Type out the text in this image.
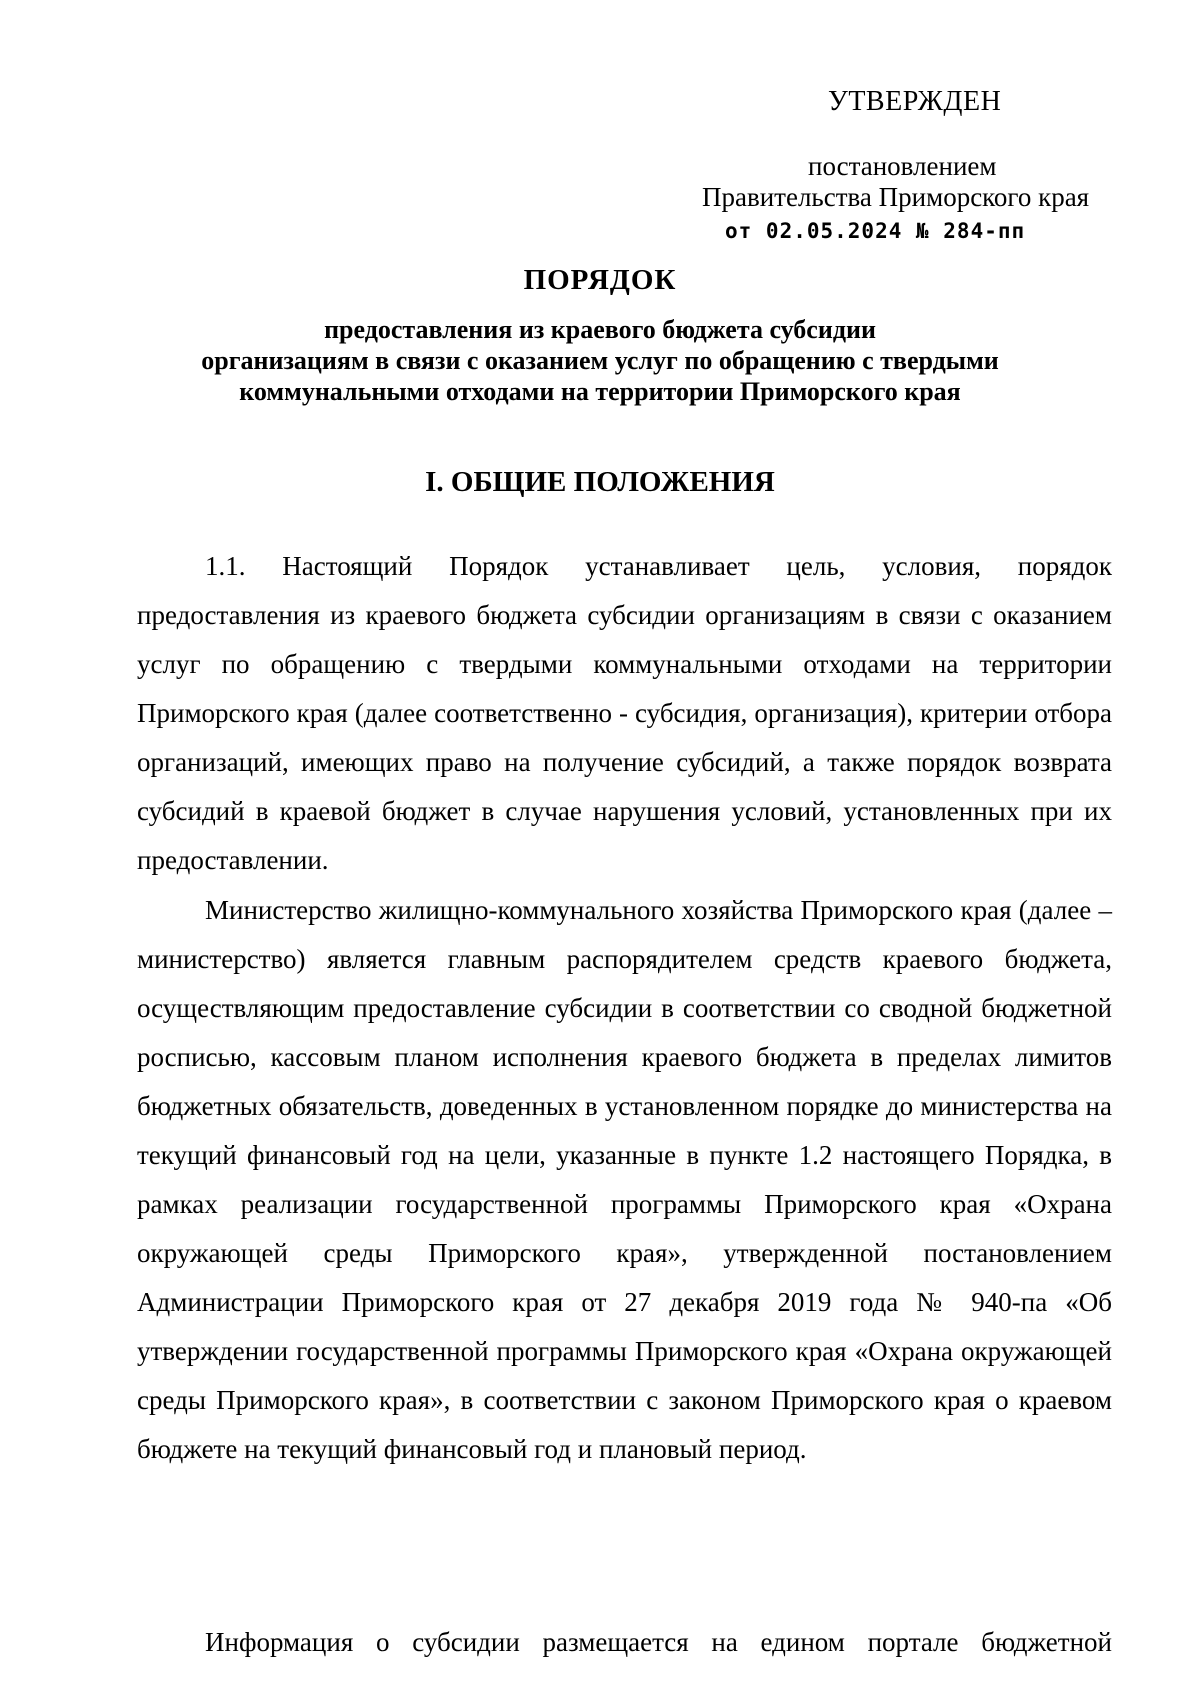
УТВЕРЖДЕН
постановлением
Правительства Приморского края
от 02.05.2024 № 284-пп
ПОРЯДОК
предоставления из краевого бюджета субсидии
организациям в связи с оказанием услуг по обращению с твердыми
коммунальными отходами на территории Приморского края
I. ОБЩИЕ ПОЛОЖЕНИЯ

1.1. Настоящий Порядок устанавливает цель, условия, порядок предоставления из краевого бюджета субсидии организациям в связи с оказанием услуг по обращению с твердыми коммунальными отходами на территории Приморского края (далее соответственно - субсидия, организация), критерии отбора организаций, имеющих право на получение субсидий, а также порядок возврата субсидий в краевой бюджет в случае нарушения условий, установленных при их предоставлении.

Министерство жилищно-коммунального хозяйства Приморского края (далее – министерство) является главным распорядителем средств краевого бюджета, осуществляющим предоставление субсидии в соответствии со сводной бюджетной росписью, кассовым планом исполнения краевого бюджета в пределах лимитов бюджетных обязательств, доведенных в установленном порядке до министерства на текущий финансовый год на цели, указанные в пункте 1.2 настоящего Порядка, в рамках реализации государственной программы Приморского края «Охрана окружающей среды Приморского края», утвержденной постановлением Администрации Приморского края от 27 декабря 2019 года № 940-па «Об утверждении государственной программы Приморского края «Охрана окружающей среды Приморского края», в соответствии с законом Приморского края о краевом бюджете на текущий финансовый год и плановый период.

Информация о субсидии размещается на едином портале бюджетной
